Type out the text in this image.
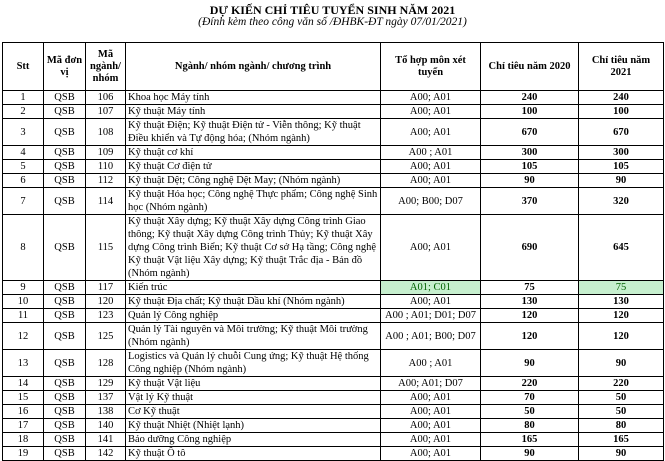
DỰ KIẾN CHỈ TIÊU TUYỂN SINH NĂM 2021
(Đính kèm theo công văn số /ĐHBK-ĐT ngày 07/01/2021)
Stt	Mã đơn vị	Mã ngành/ nhóm	Ngành/ nhóm ngành/ chương trình	Tổ hợp môn xét tuyển	Chỉ tiêu năm 2020	Chỉ tiêu năm 2021
1	QSB	106	Khoa học Máy tính	A00; A01	240	240
2	QSB	107	Kỹ thuật Máy tính	A00; A01	100	100
3	QSB	108	Kỹ thuật Điện; Kỹ thuật Điện tử - Viễn thông; Kỹ thuật Điều khiển và Tự động hóa; (Nhóm ngành)	A00; A01	670	670
4	QSB	109	Kỹ thuật cơ khí	A00 ; A01	300	300
5	QSB	110	Kỹ thuật Cơ điện tử	A00; A01	105	105
6	QSB	112	Kỹ thuật Dệt; Công nghệ Dệt May; (Nhóm ngành)	A00; A01	90	90
7	QSB	114	Kỹ thuật Hóa học; Công nghệ Thực phẩm; Công nghệ Sinh học (Nhóm ngành)	A00; B00; D07	370	320
8	QSB	115	Kỹ thuật Xây dựng; Kỹ thuật Xây dựng Công trình Giao thông; Kỹ thuật Xây dựng Công trình Thủy; Kỹ thuật Xây dựng Công trình Biển; Kỹ thuật Cơ sở Hạ tầng; Công nghệ Kỹ thuật Vật liệu Xây dựng; Kỹ thuật Trắc địa - Bản đồ (Nhóm ngành)	A00; A01	690	645
9	QSB	117	Kiến trúc	A01; C01	75	75
10	QSB	120	Kỹ thuật Địa chất; Kỹ thuật Dầu khí (Nhóm ngành)	A00; A01	130	130
11	QSB	123	Quản lý Công nghiệp	A00 ; A01; D01; D07	120	120
12	QSB	125	Quản lý Tài nguyên và Môi trường; Kỹ thuật Môi trường (Nhóm ngành)	A00 ; A01; B00; D07	120	120
13	QSB	128	Logistics và Quản lý chuỗi Cung ứng; Kỹ thuật Hệ thống Công nghiệp (Nhóm ngành)	A00 ; A01	90	90
14	QSB	129	Kỹ thuật Vật liệu	A00; A01; D07	220	220
15	QSB	137	Vật lý Kỹ thuật	A00; A01	70	50
16	QSB	138	Cơ Kỹ thuật	A00; A01	50	50
17	QSB	140	Kỹ thuật Nhiệt (Nhiệt lạnh)	A00; A01	80	80
18	QSB	141	Bảo dưỡng Công nghiệp	A00; A01	165	165
19	QSB	142	Kỹ thuật Ô tô	A00; A01	90	90
